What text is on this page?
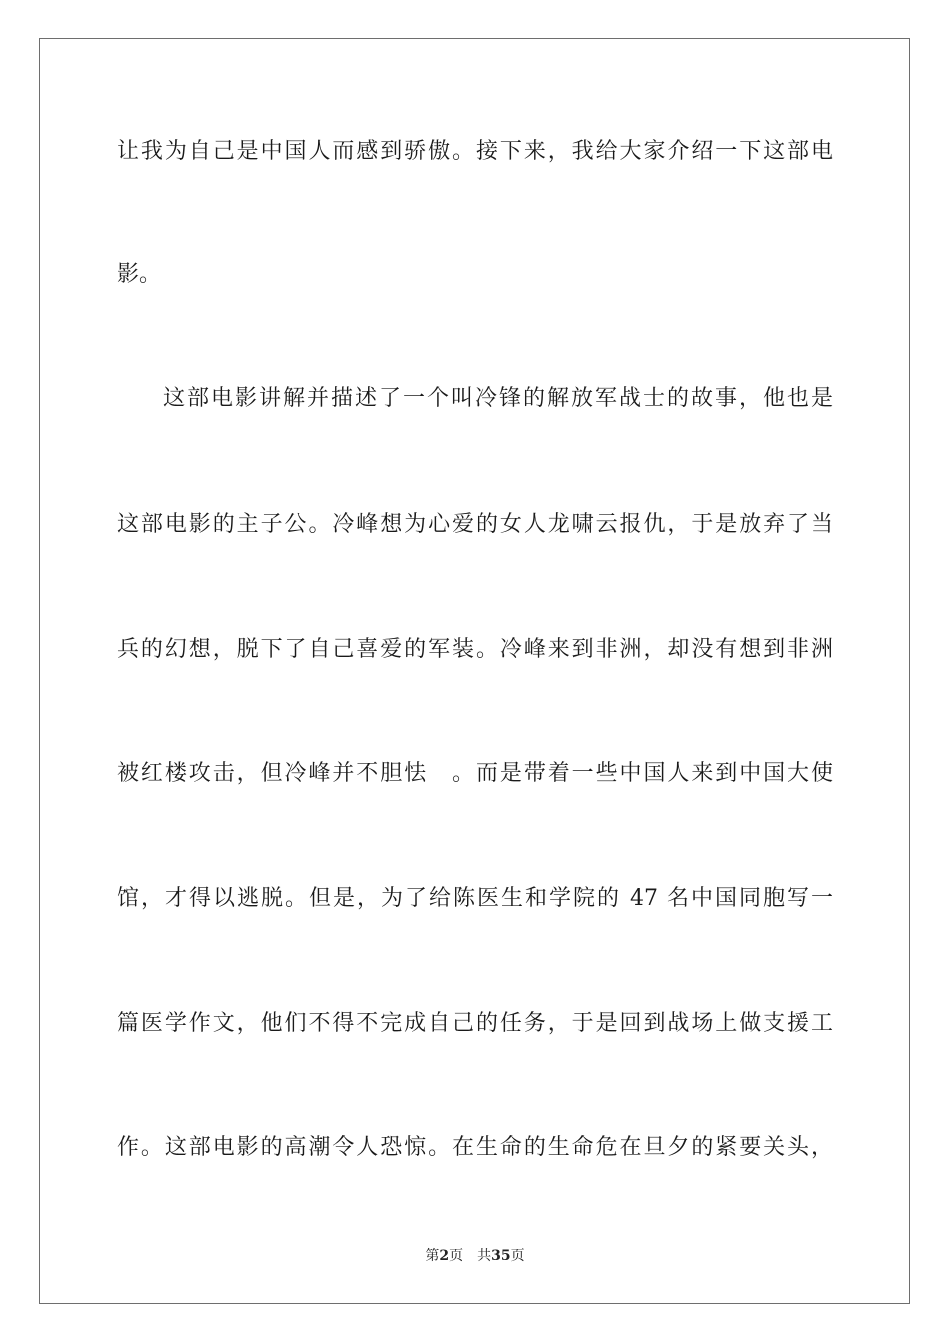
让我为自己是中国人而感到骄傲。接下来，我给大家介绍一下这部电
影。
这部电影讲解并描述了一个叫冷锋的解放军战士的故事，他也是
这部电影的主子公。冷峰想为心爱的女人龙啸云报仇，于是放弃了当
兵的幻想，脱下了自己喜爱的军装。冷峰来到非洲，却没有想到非洲
被红楼攻击，但冷峰并不胆怯　。而是带着一些中国人来到中国大使
馆，才得以逃脱。但是，为了给陈医生和学院的 47 名中国同胞写一
篇医学作文，他们不得不完成自己的任务，于是回到战场上做支援工
作。这部电影的高潮令人恐惊。在生命的生命危在旦夕的紧要关头，
第2页 共35页
